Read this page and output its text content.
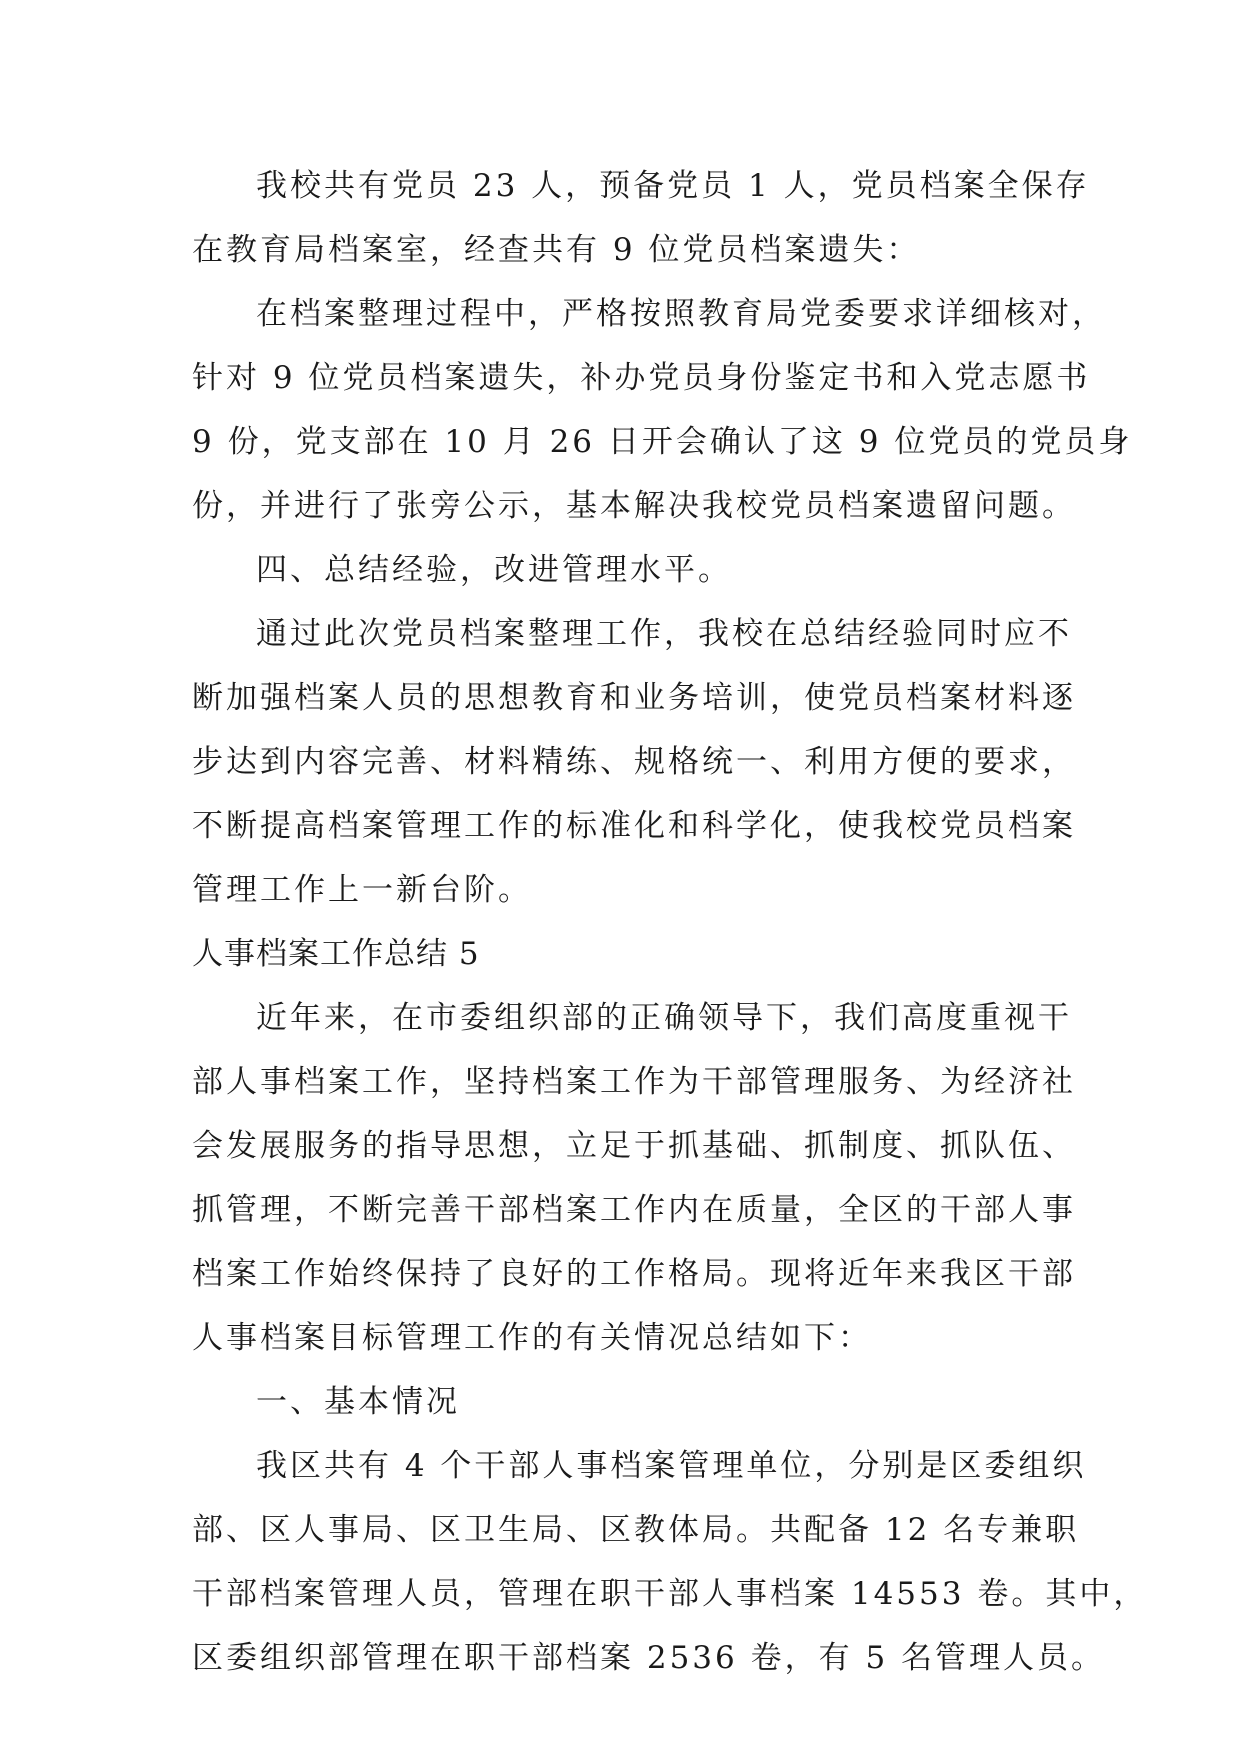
我校共有党员 23 人，预备党员 1 人，党员档案全保存
在教育局档案室，经查共有 9 位党员档案遗失：
在档案整理过程中，严格按照教育局党委要求详细核对，
针对 9 位党员档案遗失，补办党员身份鉴定书和入党志愿书
9 份，党支部在 10 月 26 日开会确认了这 9 位党员的党员身
份，并进行了张旁公示，基本解决我校党员档案遗留问题。
四、总结经验，改进管理水平。
通过此次党员档案整理工作，我校在总结经验同时应不
断加强档案人员的思想教育和业务培训，使党员档案材料逐
步达到内容完善、材料精练、规格统一、利用方便的要求，
不断提高档案管理工作的标准化和科学化，使我校党员档案
管理工作上一新台阶。
人事档案工作总结 5
近年来，在市委组织部的正确领导下，我们高度重视干
部人事档案工作，坚持档案工作为干部管理服务、为经济社
会发展服务的指导思想，立足于抓基础、抓制度、抓队伍、
抓管理，不断完善干部档案工作内在质量，全区的干部人事
档案工作始终保持了良好的工作格局。现将近年来我区干部
人事档案目标管理工作的有关情况总结如下：
一、基本情况
我区共有 4 个干部人事档案管理单位，分别是区委组织
部、区人事局、区卫生局、区教体局。共配备 12 名专兼职
干部档案管理人员，管理在职干部人事档案 14553 卷。其中，
区委组织部管理在职干部档案 2536 卷，有 5 名管理人员。
